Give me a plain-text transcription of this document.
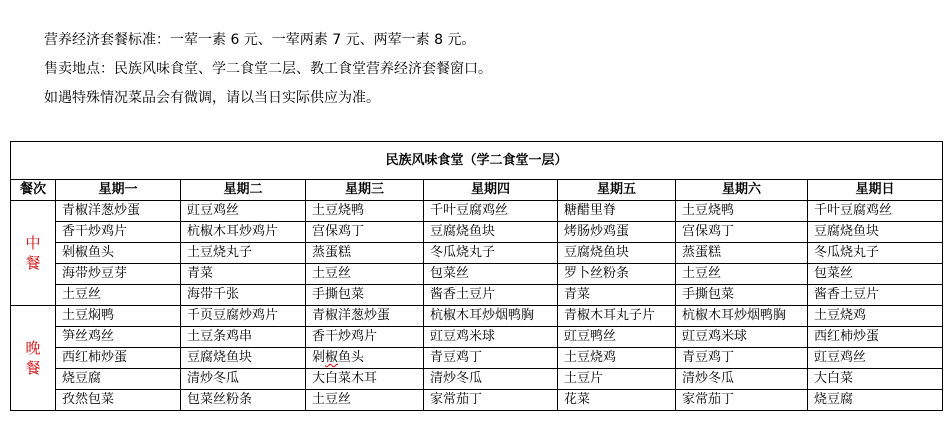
营养经济套餐标准：一荤一素 6 元、一荤两素 7 元、两荤一素 8 元。

售卖地点：民族风味食堂、学二食堂二层、教工食堂营养经济套餐窗口。

如遇特殊情况菜品会有微调，请以当日实际供应为准。

民族风味食堂（学二食堂一层）							
餐次	星期一	星期二	星期三	星期四	星期五	星期六	星期日

中
餐	青椒洋葱炒蛋	豇豆鸡丝	土豆烧鸭	千叶豆腐鸡丝	糖醋里脊	土豆烧鸭	千叶豆腐鸡丝
	香干炒鸡片	杭椒木耳炒鸡片	宫保鸡丁	豆腐烧鱼块	烤肠炒鸡蛋	宫保鸡丁	豆腐烧鱼块
	剁椒鱼头	土豆烧丸子	蒸蛋糕	冬瓜烧丸子	豆腐烧鱼块	蒸蛋糕	冬瓜烧丸子
	海带炒豆芽	青菜	土豆丝	包菜丝	罗卜丝粉条	土豆丝	包菜丝
	土豆丝	海带千张	手撕包菜	酱香土豆片	青菜	手撕包菜	酱香土豆片

晚
餐	土豆焖鸭	千页豆腐炒鸡片	青椒洋葱炒蛋	杭椒木耳炒烟鸭胸	青椒木耳丸子片	杭椒木耳炒烟鸭胸	土豆烧鸡
	笋丝鸡丝	土豆条鸡串	香干炒鸡片	豇豆鸡米球	豇豆鸭丝	豇豆鸡米球	西红柿炒蛋
	西红柿炒蛋	豆腐烧鱼块	剁椒鱼头	青豆鸡丁	土豆烧鸡	青豆鸡丁	豇豆鸡丝
	烧豆腐	清炒冬瓜	大白菜木耳	清炒冬瓜	土豆片	清炒冬瓜	大白菜
	孜然包菜	包菜丝粉条	土豆丝	家常茄丁	花菜	家常茄丁	烧豆腐
